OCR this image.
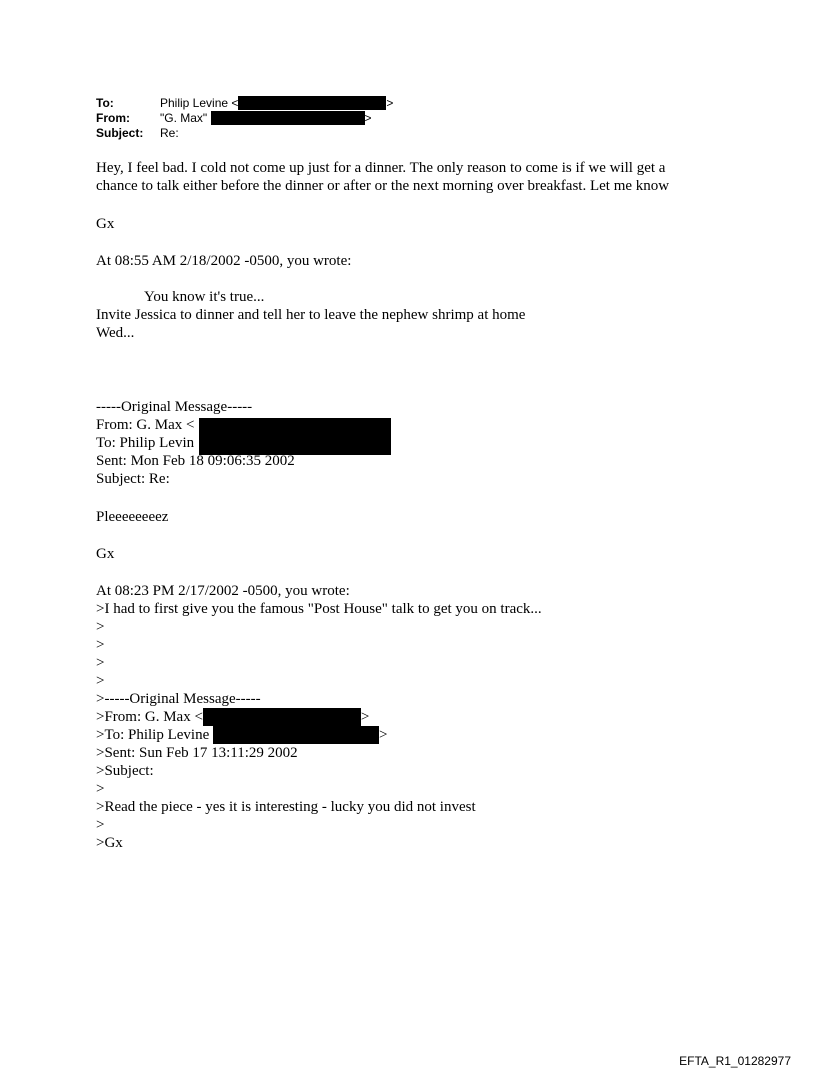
To:	Philip Levine <	>
From:	"G. Max"	>
Subject: Re:
Hey, I feel bad. I cold not come up just for a dinner. The only reason to come is if we will get a
chance to talk either before the dinner or after or the next morning over breakfast. Let me know
Gx
At 08:55 AM 2/18/2002 -0500, you wrote:
You know it's true...
Invite Jessica to dinner and tell her to leave the nephew shrimp at home
Wed...
-----Original Message-----
From: G. Max <
To: Philip Levin
Sent: Mon Feb 18 09:06:35 2002
Subject: Re:
Pleeeeeeeez
Gx
At 08:23 PM 2/17/2002 -0500, you wrote:
>I had to first give you the famous "Post House" talk to get you on track...
>
>
>
>
>-----Original Message-----
>From: G. Max <	>
>To: Philip Levine	>
>Sent: Sun Feb 17 13:11:29 2002
>Subject:
>
>Read the piece - yes it is interesting - lucky you did not invest
>
>Gx
EFTA_R1_01282977
